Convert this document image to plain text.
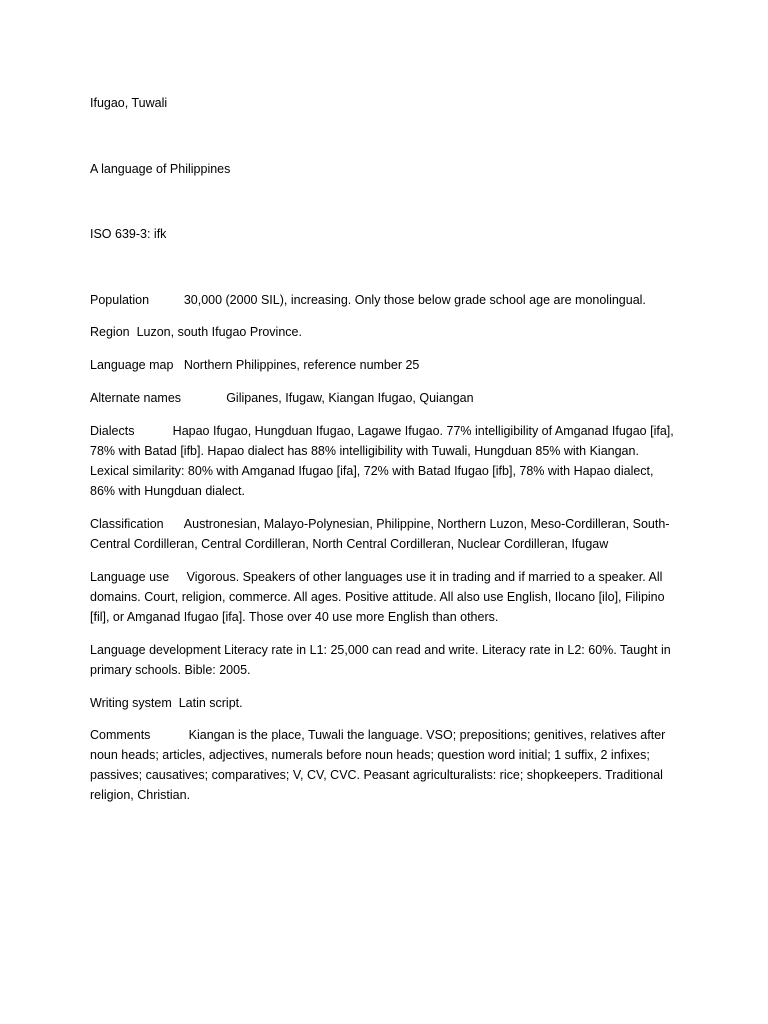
Ifugao, Tuwali

A language of Philippines

ISO 639-3: ifk

Population	30,000 (2000 SIL), increasing. Only those below grade school age are monolingual.

Region Luzon, south Ifugao Province.

Language map Northern Philippines, reference number 25

Alternate names	Gilipanes, Ifugaw, Kiangan Ifugao, Quiangan

Dialects	Hapao Ifugao, Hungduan Ifugao, Lagawe Ifugao. 77% intelligibility of Amganad Ifugao [ifa], 78% with Batad [ifb]. Hapao dialect has 88% intelligibility with Tuwali, Hungduan 85% with Kiangan. Lexical similarity: 80% with Amganad Ifugao [ifa], 72% with Batad Ifugao [ifb], 78% with Hapao dialect, 86% with Hungduan dialect.

Classification Austronesian, Malayo-Polynesian, Philippine, Northern Luzon, Meso-Cordilleran, South-Central Cordilleran, Central Cordilleran, North Central Cordilleran, Nuclear Cordilleran, Ifugaw

Language use Vigorous. Speakers of other languages use it in trading and if married to a speaker. All domains. Court, religion, commerce. All ages. Positive attitude. All also use English, Ilocano [ilo], Filipino [fil], or Amganad Ifugao [ifa]. Those over 40 use more English than others.

Language development Literacy rate in L1: 25,000 can read and write. Literacy rate in L2: 60%. Taught in primary schools. Bible: 2005.

Writing system Latin script.

Comments	Kiangan is the place, Tuwali the language. VSO; prepositions; genitives, relatives after noun heads; articles, adjectives, numerals before noun heads; question word initial; 1 suffix, 2 infixes; passives; causatives; comparatives; V, CV, CVC. Peasant agriculturalists: rice; shopkeepers. Traditional religion, Christian.
